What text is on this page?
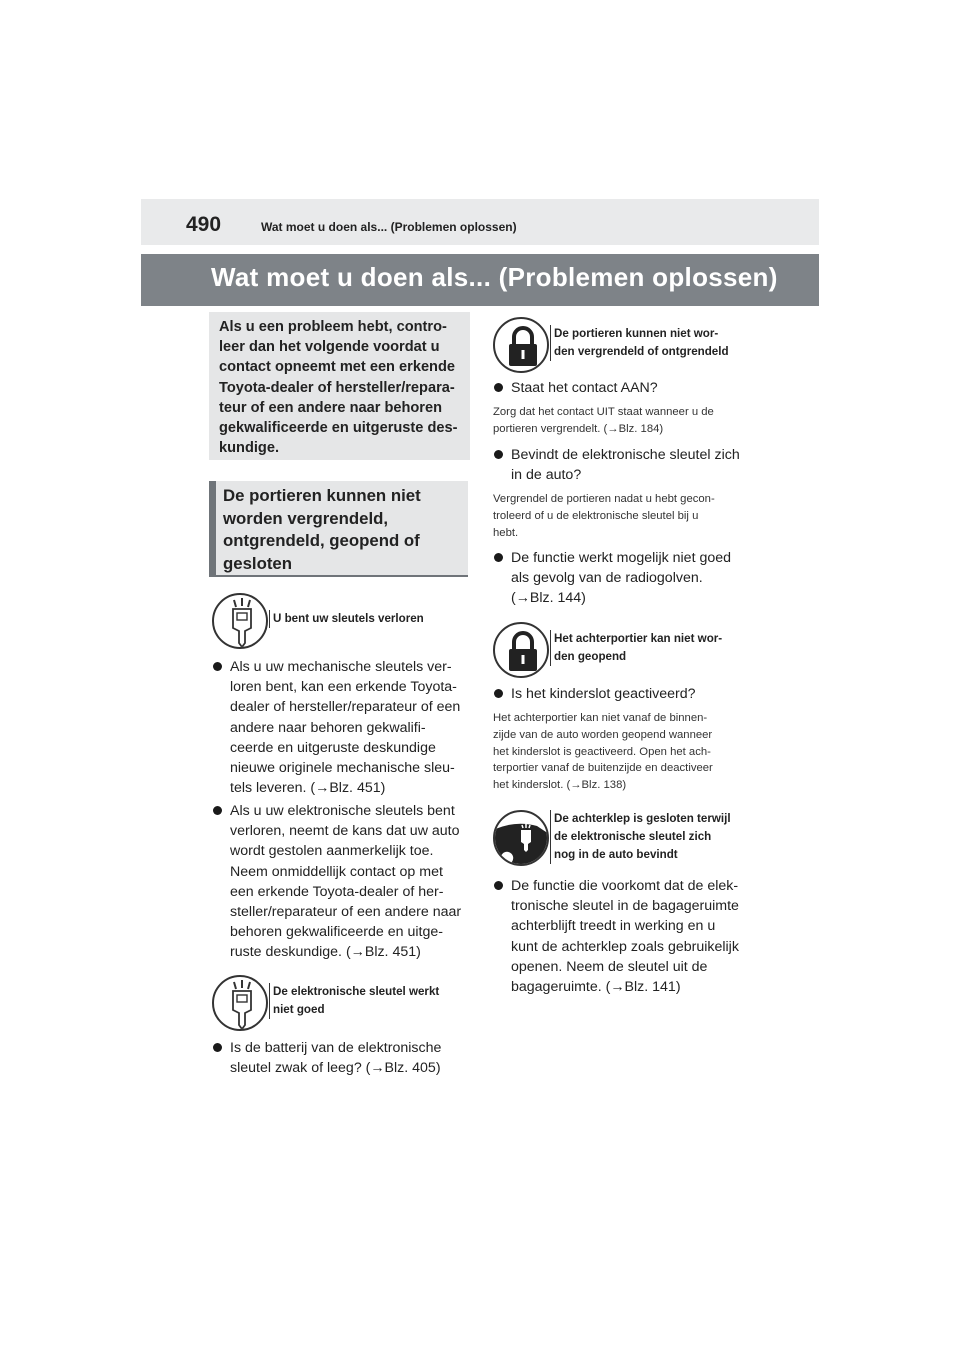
490	Wat moet u doen als... (Problemen oplossen)
Wat moet u doen als... (Problemen oplossen)
Als u een probleem hebt, contro-
leer dan het volgende voordat u
contact opneemt met een erkende
Toyota-dealer of hersteller/repara-
teur of een andere naar behoren
gekwalificeerde en uitgeruste des-
kundige.
De portieren kunnen niet
worden vergrendeld,
ontgrendeld, geopend of
gesloten
U bent uw sleutels verloren
Als u uw mechanische sleutels ver-
loren bent, kan een erkende Toyota-
dealer of hersteller/reparateur of een
andere naar behoren gekwalifi-
ceerde en uitgeruste deskundige
nieuwe originele mechanische sleu-
tels leveren. (→Blz. 451)
Als u uw elektronische sleutels bent
verloren, neemt de kans dat uw auto
wordt gestolen aanmerkelijk toe.
Neem onmiddellijk contact op met
een erkende Toyota-dealer of her-
steller/reparateur of een andere naar
behoren gekwalificeerde en uitge-
ruste deskundige. (→Blz. 451)
De elektronische sleutel werkt
niet goed
Is de batterij van de elektronische
sleutel zwak of leeg? (→Blz. 405)
De portieren kunnen niet wor-
den vergrendeld of ontgrendeld
Staat het contact AAN?
Zorg dat het contact UIT staat wanneer u de
portieren vergrendelt. (→Blz. 184)
Bevindt de elektronische sleutel zich
in de auto?
Vergrendel de portieren nadat u hebt gecon-
troleerd of u de elektronische sleutel bij u
hebt.
De functie werkt mogelijk niet goed
als gevolg van de radiogolven.
(→Blz. 144)
Het achterportier kan niet wor-
den geopend
Is het kinderslot geactiveerd?
Het achterportier kan niet vanaf de binnen-
zijde van de auto worden geopend wanneer
het kinderslot is geactiveerd. Open het ach-
terportier vanaf de buitenzijde en deactiveer
het kinderslot. (→Blz. 138)
De achterklep is gesloten terwijl
de elektronische sleutel zich
nog in de auto bevindt
De functie die voorkomt dat de elek-
tronische sleutel in de bagageruimte
achterblijft treedt in werking en u
kunt de achterklep zoals gebruikelijk
openen. Neem de sleutel uit de
bagageruimte. (→Blz. 141)
